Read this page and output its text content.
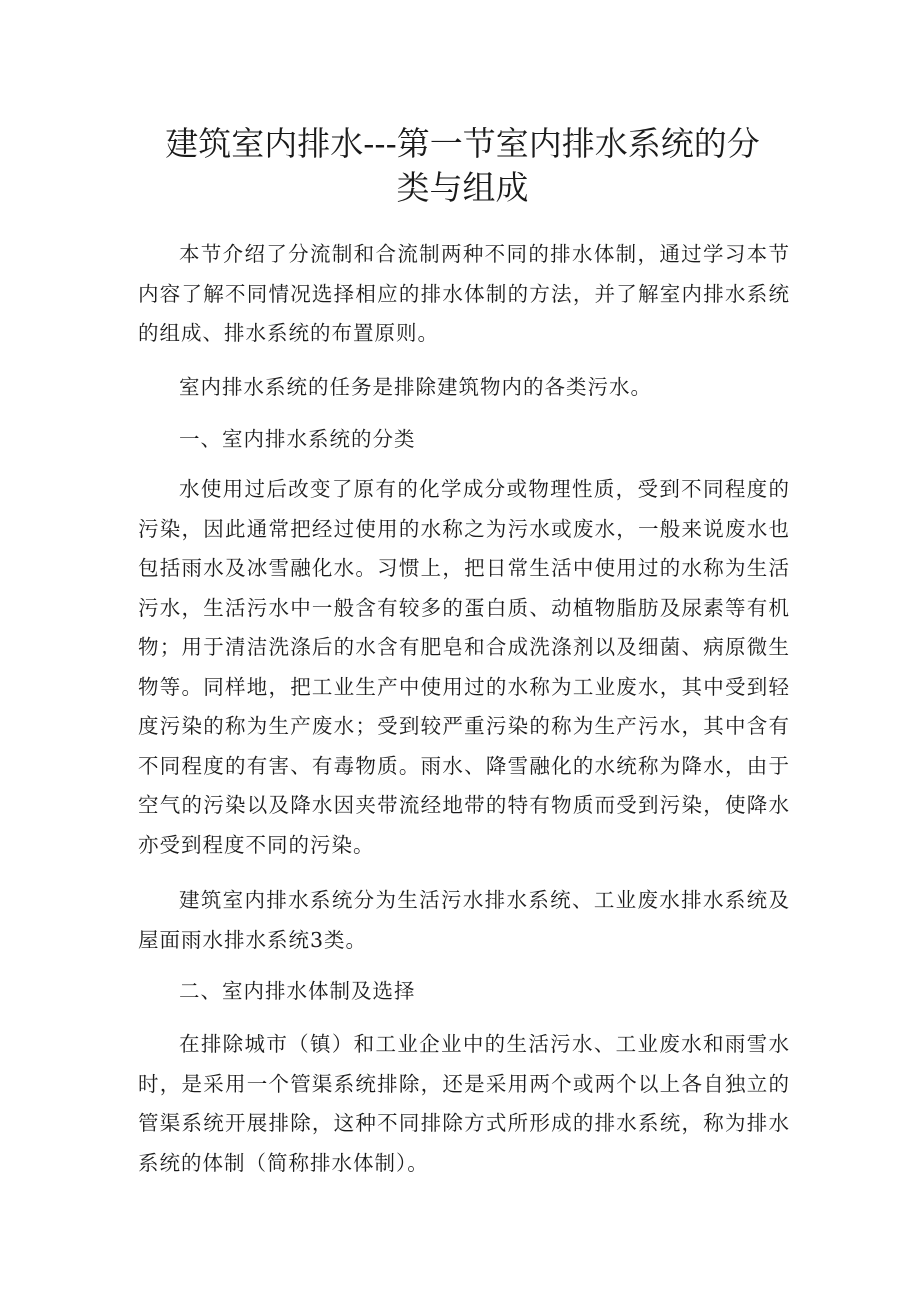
建筑室内排水---第一节室内排水系统的分类与组成

本节介绍了分流制和合流制两种不同的排水体制，通过学习本节内容了解不同情况选择相应的排水体制的方法，并了解室内排水系统的组成、排水系统的布置原则。

室内排水系统的任务是排除建筑物内的各类污水。

一、室内排水系统的分类

水使用过后改变了原有的化学成分或物理性质，受到不同程度的污染，因此通常把经过使用的水称之为污水或废水，一般来说废水也包括雨水及冰雪融化水。习惯上，把日常生活中使用过的水称为生活污水，生活污水中一般含有较多的蛋白质、动植物脂肪及尿素等有机物；用于清洁洗涤后的水含有肥皂和合成洗涤剂以及细菌、病原微生物等。同样地，把工业生产中使用过的水称为工业废水，其中受到轻度污染的称为生产废水；受到较严重污染的称为生产污水，其中含有不同程度的有害、有毒物质。雨水、降雪融化的水统称为降水，由于空气的污染以及降水因夹带流经地带的特有物质而受到污染，使降水亦受到程度不同的污染。

建筑室内排水系统分为生活污水排水系统、工业废水排水系统及屋面雨水排水系统3类。

二、室内排水体制及选择

在排除城市（镇）和工业企业中的生活污水、工业废水和雨雪水时，是采用一个管渠系统排除，还是采用两个或两个以上各自独立的管渠系统开展排除，这种不同排除方式所形成的排水系统，称为排水系统的体制（简称排水体制）。
